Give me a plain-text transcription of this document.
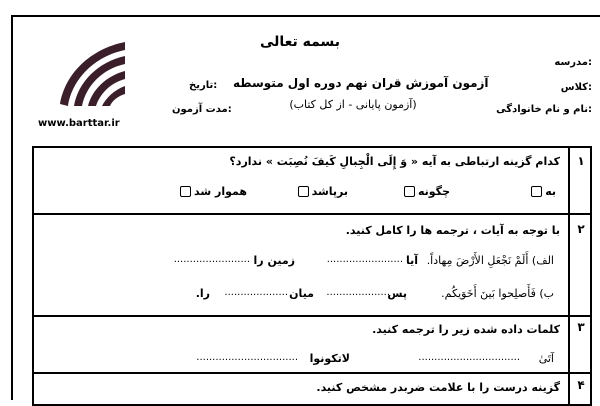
www.barttar.ir
بسمه تعالی
آزمون آموزش قران نهم دوره اول متوسطه
(آزمون پایانی - از کل کتاب)
مدرسه:
کلاس:
نام و نام خانوادگی:
تاریخ:
مدت آزمون:
۱
کدام گزینه ارتباطی به آیه « وَ إِلَى الْجِبالِ كَيفَ نُصِبَت » ندارد؟
به
چگونه
برپاشد
هموار شد
۲
با توجه به آیات ، ترجمه ها را کامل کنید.
الف) أَلَمْ نَجْعَلِ الأَرْضَ مِهاداً.
آیا
........................
زمین را
........................
ب) فَأَصلِحوا بَينَ أَخَوَيكُم.
پس
....................
میان
....................
را.
۳
کلمات داده شده زیر را ترجمه کنید.
آتَیٰ
................................
لاتکونوا
................................
۴
گزینه درست را با علامت ضربدر مشخص کنید.
